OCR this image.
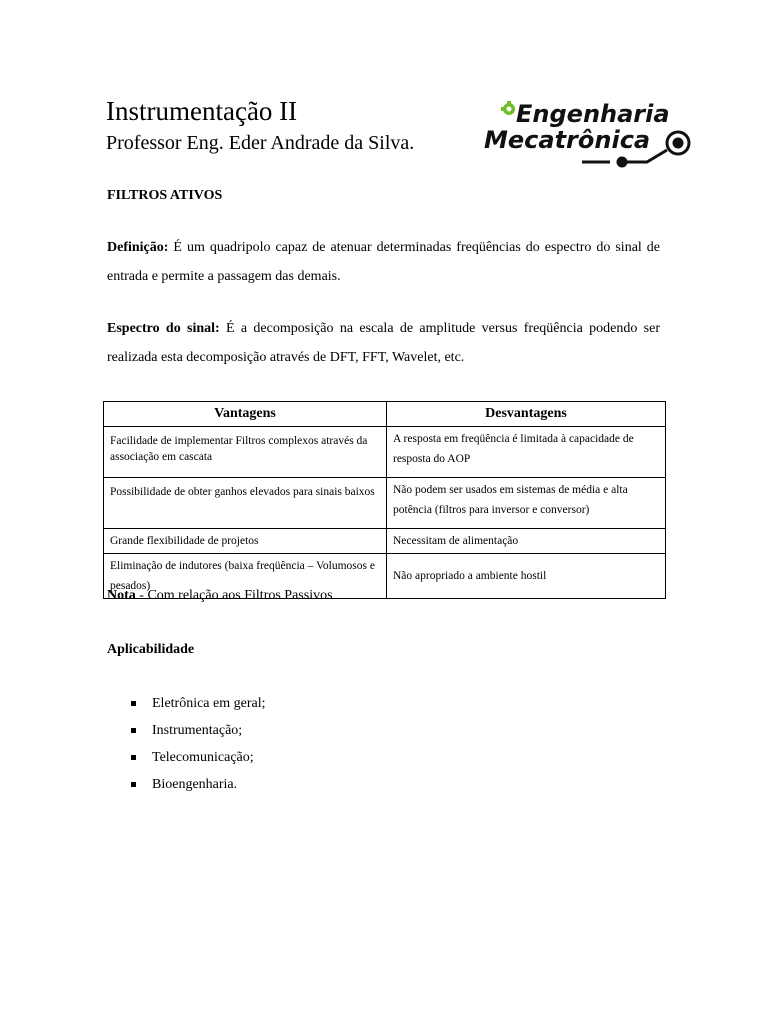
Instrumentação II
Professor Eng. Eder Andrade da Silva.
Engenharia
Mecatrônica
FILTROS ATIVOS
Definição: É um quadripolo capaz de atenuar determinadas freqüências do espectro do sinal de entrada e permite a passagem das demais.
Espectro do sinal: É a decomposição na escala de amplitude versus freqüência podendo ser realizada esta decomposição através de DFT, FFT, Wavelet, etc.
Vantagens	Desvantagens
Facilidade de implementar Filtros complexos através da associação em cascata	A resposta em freqüência é limitada à capacidade de resposta do AOP
Possibilidade de obter ganhos elevados para sinais baixos	Não podem ser usados em sistemas de média e alta potência (filtros para inversor e conversor)
Grande flexibilidade de projetos	Necessitam de alimentação
Eliminação de indutores (baixa freqüência – Volumosos e pesados)	Não apropriado a ambiente hostil
Nota - Com relação aos Filtros Passivos
Aplicabilidade
Eletrônica em geral;
Instrumentação;
Telecomunicação;
Bioengenharia.
